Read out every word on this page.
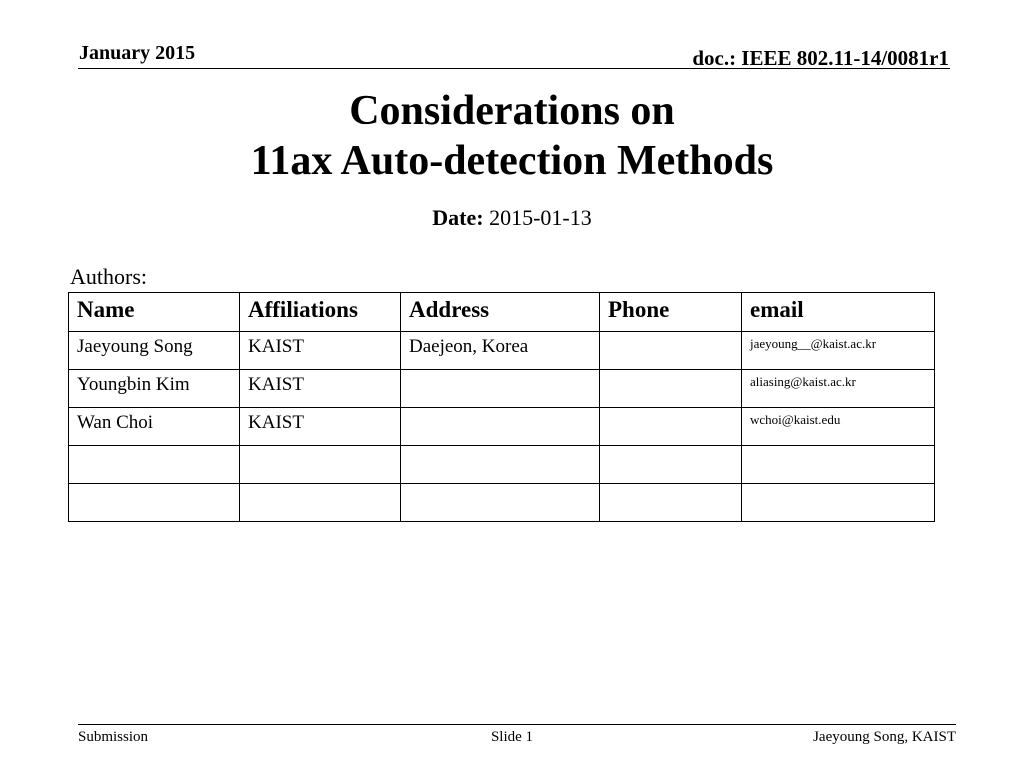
January 2015	doc.: IEEE 802.11-14/0081r1
Considerations on
11ax Auto-detection Methods
Date: 2015-01-13
Authors:
Name	Affiliations	Address	Phone	email
Jaeyoung Song	KAIST	Daejeon, Korea		jaeyoung__@kaist.ac.kr
Youngbin Kim	KAIST			aliasing@kaist.ac.kr
Wan Choi	KAIST			wchoi@kaist.edu

Submission	Slide 1	Jaeyoung Song, KAIST
